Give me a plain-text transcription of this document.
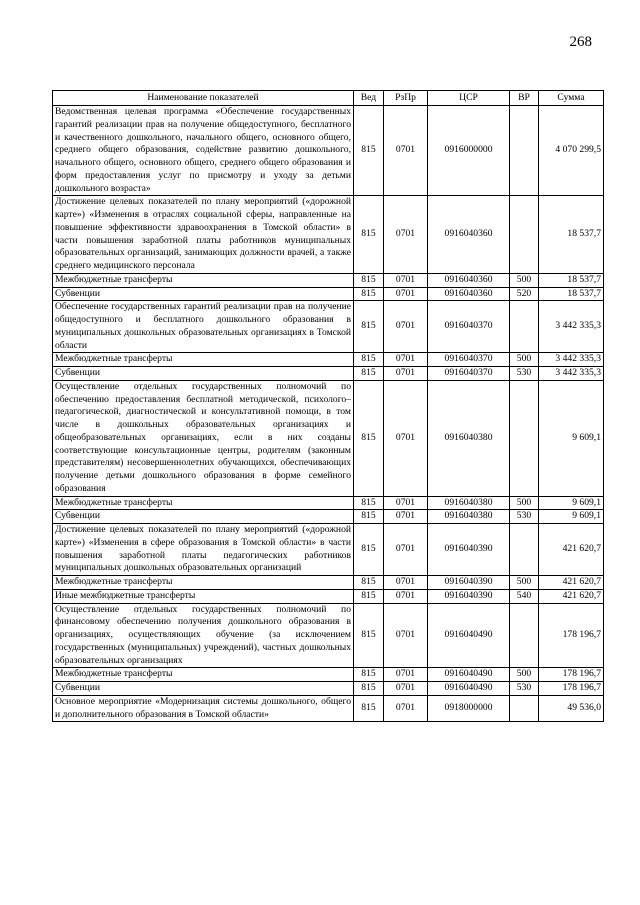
268
Наименование показателей	Вед	РзПр	ЦСР	ВР	Сумма
Ведомственная целевая программа «Обеспечение государственных гарантий реализации прав на получение общедоступного, бесплатного и качественного дошкольного, начального общего, основного общего, среднего общего образования, содействие развитию дошкольного, начального общего, основного общего, среднего общего образования и форм предоставления услуг по присмотру и уходу за детьми дошкольного возраста»	815	0701	0916000000		4 070 299,5
Достижение целевых показателей по плану мероприятий («дорожной карте») «Изменения в отраслях социальной сферы, направленные на повышение эффективности здравоохранения в Томской области» в части повышения заработной платы работников муниципальных образовательных организаций, занимающих должности врачей, а также среднего медицинского персонала	815	0701	0916040360		18 537,7
Межбюджетные трансферты	815	0701	0916040360	500	18 537,7
Субвенции	815	0701	0916040360	520	18 537,7
Обеспечение государственных гарантий реализации прав на получение общедоступного и бесплатного дошкольного образования в муниципальных дошкольных образовательных организациях в Томской области	815	0701	0916040370		3 442 335,3
Межбюджетные трансферты	815	0701	0916040370	500	3 442 335,3
Субвенции	815	0701	0916040370	530	3 442 335,3
Осуществление отдельных государственных полномочий по обеспечению предоставления бесплатной методической, психолого–педагогической, диагностической и консультативной помощи, в том числе в дошкольных образовательных организациях и общеобразовательных организациях, если в них созданы соответствующие консультационные центры, родителям (законным представителям) несовершеннолетних обучающихся, обеспечивающих получение детьми дошкольного образования в форме семейного образования	815	0701	0916040380		9 609,1
Межбюджетные трансферты	815	0701	0916040380	500	9 609,1
Субвенции	815	0701	0916040380	530	9 609,1
Достижение целевых показателей по плану мероприятий («дорожной карте») «Изменения в сфере образования в Томской области» в части повышения заработной платы педагогических работников муниципальных дошкольных образовательных организаций	815	0701	0916040390		421 620,7
Межбюджетные трансферты	815	0701	0916040390	500	421 620,7
Иные межбюджетные трансферты	815	0701	0916040390	540	421 620,7
Осуществление отдельных государственных полномочий по финансовому обеспечению получения дошкольного образования в организациях, осуществляющих обучение (за исключением государственных (муниципальных) учреждений), частных дошкольных образовательных организациях	815	0701	0916040490		178 196,7
Межбюджетные трансферты	815	0701	0916040490	500	178 196,7
Субвенции	815	0701	0916040490	530	178 196,7
Основное мероприятие «Модернизация системы дошкольного, общего и дополнительного образования в Томской области»	815	0701	0918000000		49 536,0
